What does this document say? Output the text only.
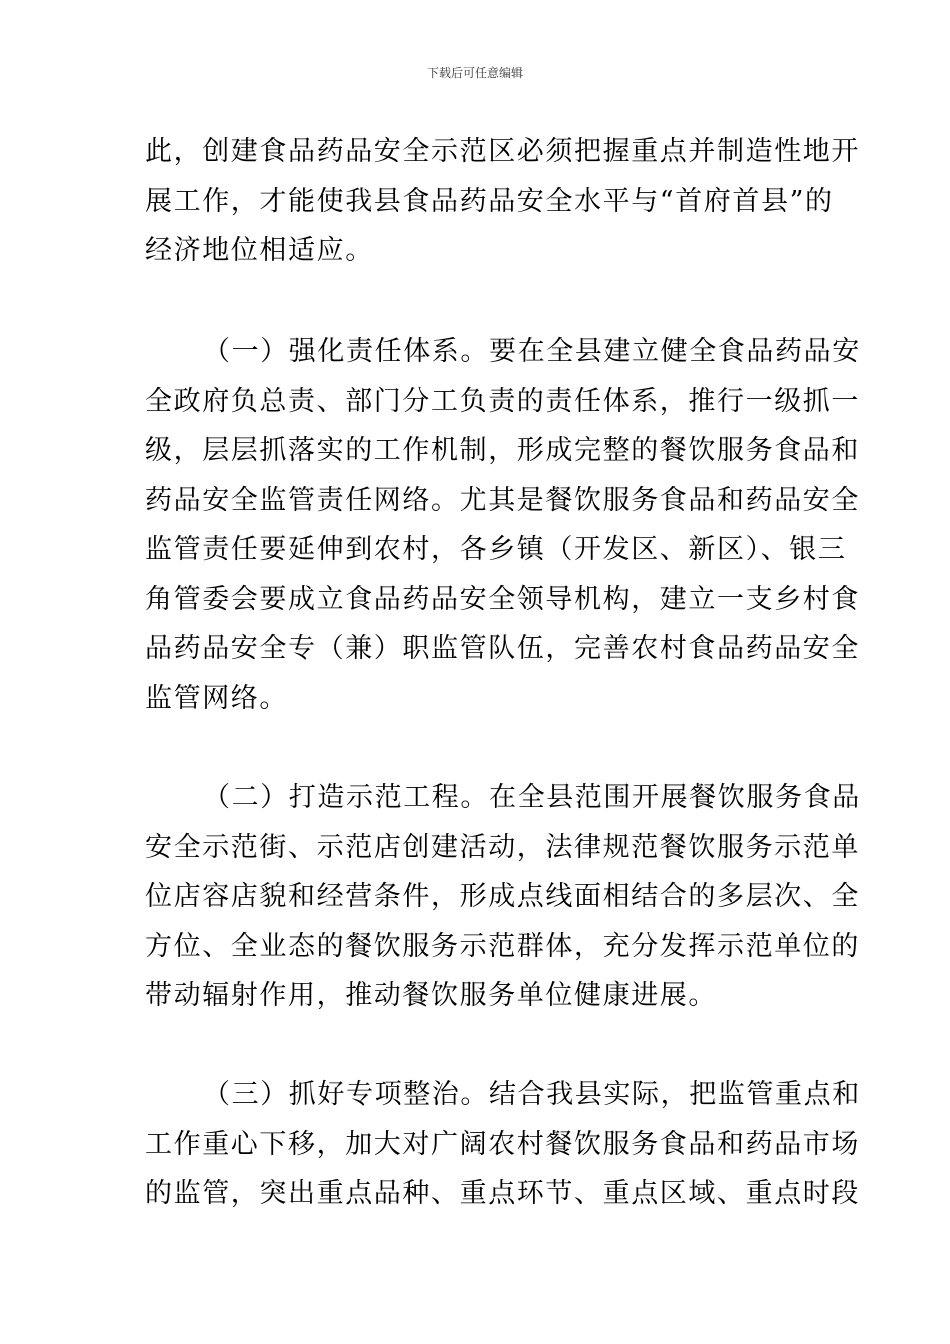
下载后可任意编辑
此，创建食品药品安全示范区必须把握重点并制造性地开
展工作，才能使我县食品药品安全水平与“首府首县”的
经济地位相适应。
（一）强化责任体系。要在全县建立健全食品药品安
全政府负总责、部门分工负责的责任体系，推行一级抓一
级，层层抓落实的工作机制，形成完整的餐饮服务食品和
药品安全监管责任网络。尤其是餐饮服务食品和药品安全
监管责任要延伸到农村，各乡镇（开发区、新区）、银三
角管委会要成立食品药品安全领导机构，建立一支乡村食
品药品安全专（兼）职监管队伍，完善农村食品药品安全
监管网络。
（二）打造示范工程。在全县范围开展餐饮服务食品
安全示范街、示范店创建活动，法律规范餐饮服务示范单
位店容店貌和经营条件，形成点线面相结合的多层次、全
方位、全业态的餐饮服务示范群体，充分发挥示范单位的
带动辐射作用，推动餐饮服务单位健康进展。
（三）抓好专项整治。结合我县实际，把监管重点和
工作重心下移，加大对广阔农村餐饮服务食品和药品市场
的监管，突出重点品种、重点环节、重点区域、重点时段
